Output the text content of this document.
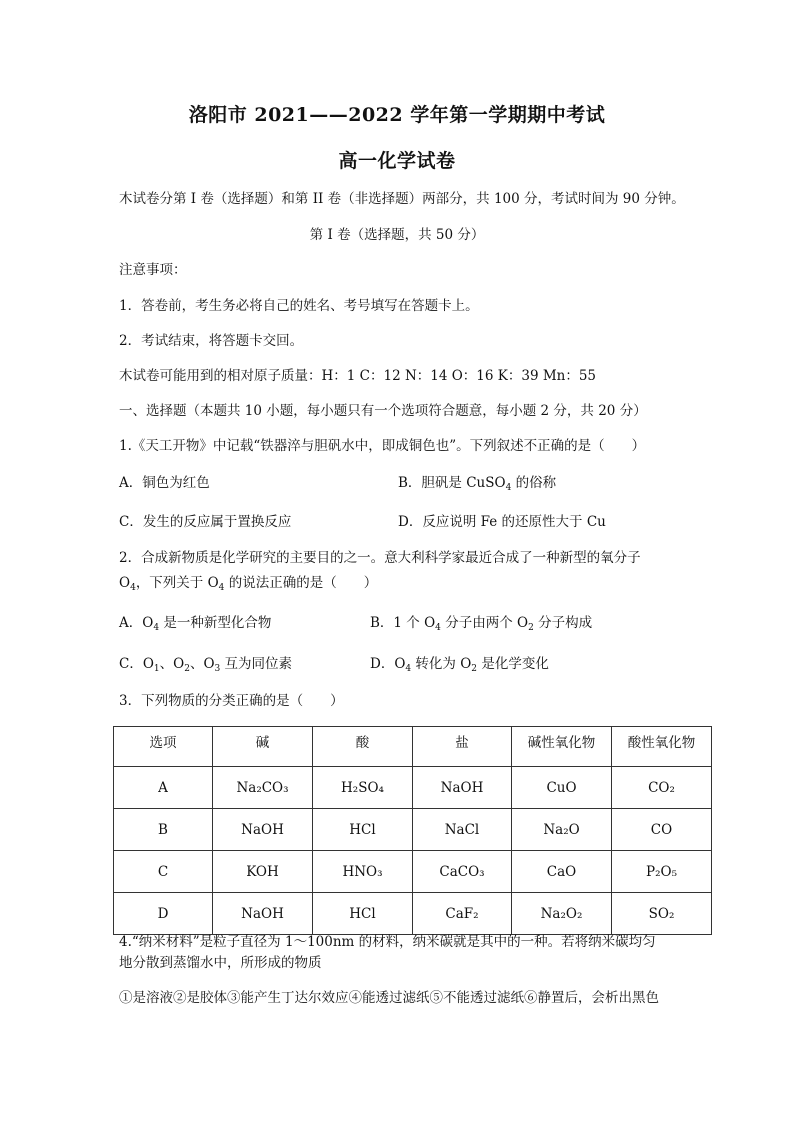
洛阳市 2021——2022 学年第一学期期中考试
高一化学试卷
木试卷分第 I 卷（选择题）和第 II 卷（非选择题）两部分，共 100 分，考试时间为 90 分钟。
第 I 卷（选择题，共 50 分）
注意事项：
1．答卷前，考生务必将自己的姓名、考号填写在答题卡上。
2．考试结束，将答题卡交回。
木试卷可能用到的相对原子质量：H：1 C：12 N：14 O：16 K：39 Mn：55
一、选择题（本题共 10 小题，每小题只有一个选项符合题意，每小题 2 分，共 20 分）
1.《天工开物》中记载“铁器淬与胆矾水中，即成铜色也”。下列叙述不正确的是（　　）
A．铜色为红色	B．胆矾是 CuSO$_4$ 的俗称
C．发生的反应属于置换反应	D．反应说明 Fe 的还原性大于 Cu
2．合成新物质是化学研究的主要目的之一。意大利科学家最近合成了一种新型的氧分子
$O_4$，下列关于 $O_4$ 的说法正确的是（　　）
A．$O_4$ 是一种新型化合物	B．1 个 $O_4$ 分子由两个 $O_2$ 分子构成
C．$O_1$、$O_2$、$O_3$ 互为同位素	D．$O_4$ 转化为 $O_2$ 是化学变化
3．下列物质的分类正确的是（　　）
选项	碱	酸	盐	碱性氧化物	酸性氧化物
A	Na₂CO₃	H₂SO₄	NaOH	CuO	CO₂
B	NaOH	HCl	NaCl	Na₂O	CO
C	KOH	HNO₃	CaCO₃	CaO	P₂O₅
D	NaOH	HCl	CaF₂	Na₂O₂	SO₂
4.“纳米材料”是粒子直径为 1～100nm 的材料，纳米碳就是其中的一种。若将纳米碳均匀
地分散到蒸馏水中，所形成的物质
①是溶液②是胶体③能产生丁达尔效应④能透过滤纸⑤不能透过滤纸⑥静置后，会析出黑色
